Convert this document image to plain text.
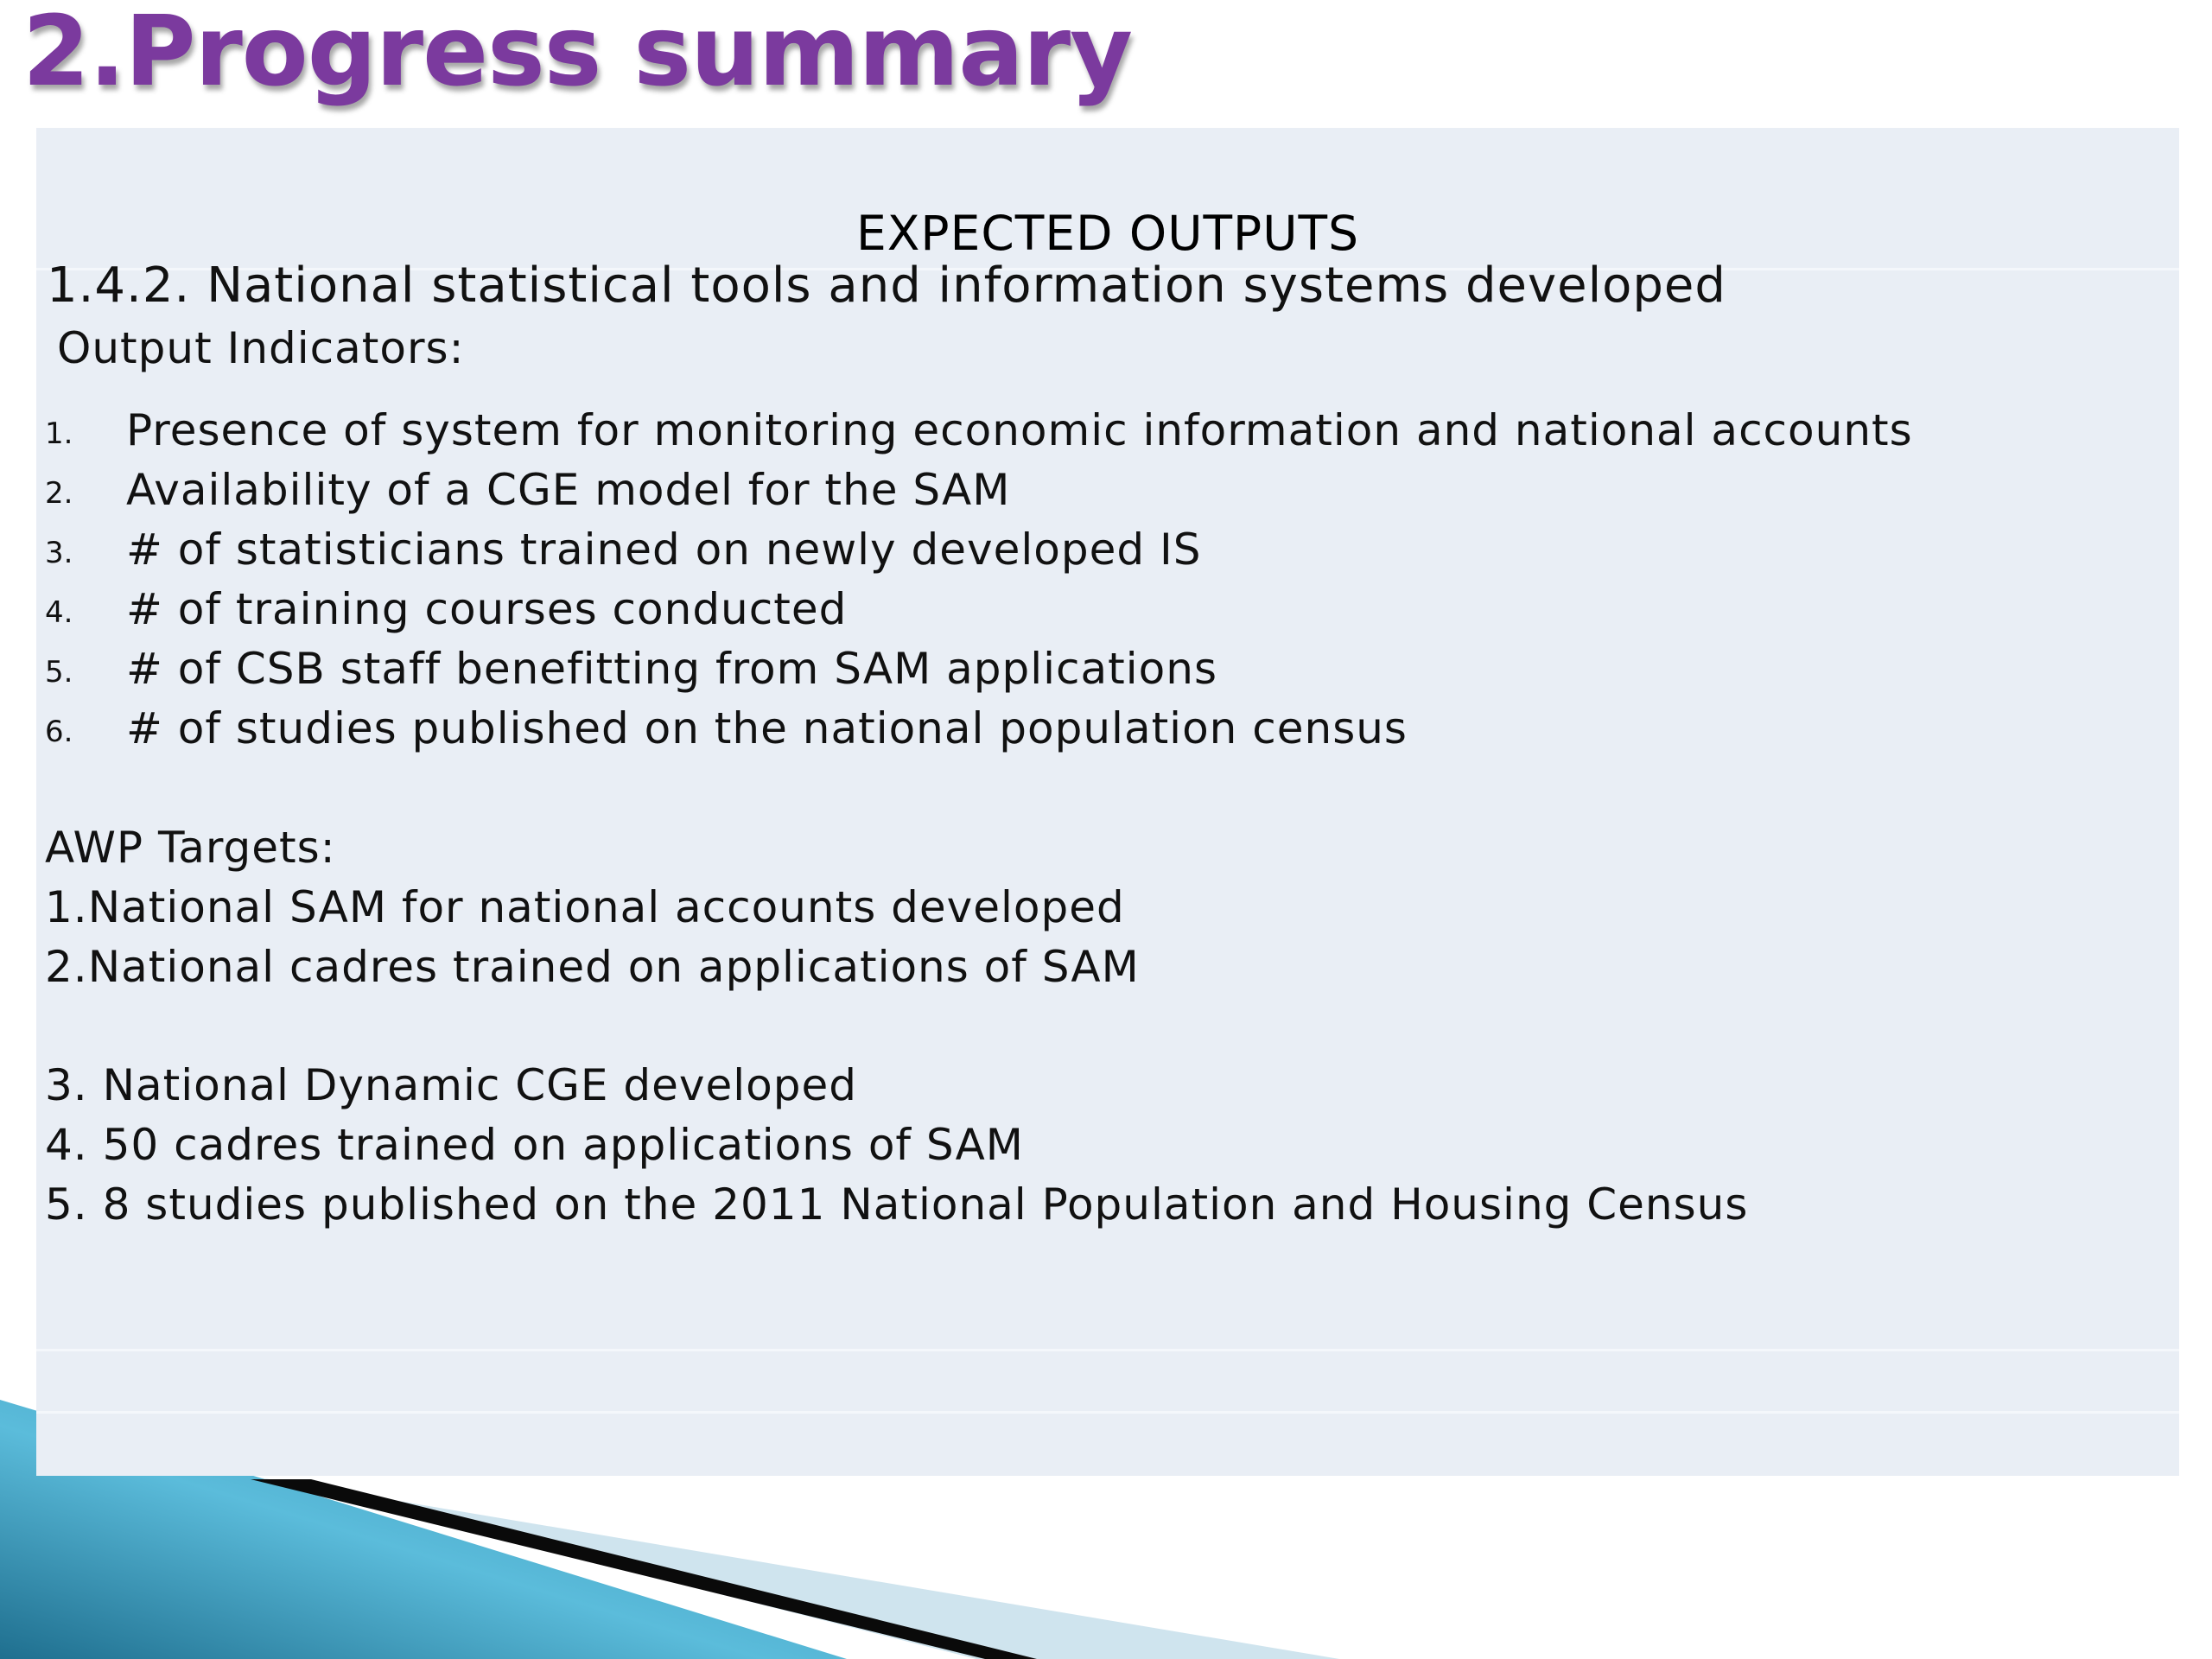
2.Progress summary
EXPECTED OUTPUTS
1.4.2. National statistical tools and information systems developed
Output Indicators:
1. Presence of system for monitoring economic information and national accounts
2. Availability of a CGE model for the SAM
3. # of statisticians trained on newly developed IS
4. # of training courses conducted
5. # of CSB staff benefitting from SAM applications
6. # of studies published on the national population census
AWP Targets:
1.National SAM for national accounts developed
2.National cadres trained on applications of SAM
3. National Dynamic CGE developed
4. 50 cadres trained on applications of SAM
5. 8 studies published on the 2011 National Population and Housing Census
